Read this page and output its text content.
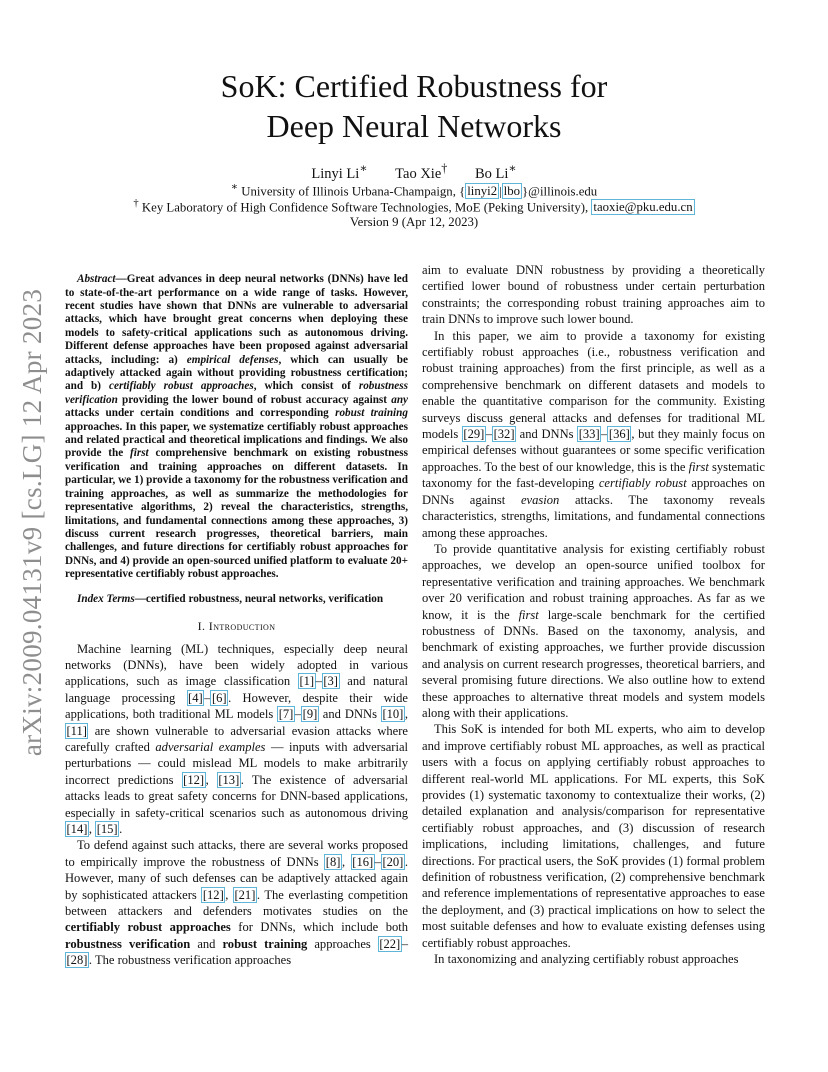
arXiv:2009.04131v9 [cs.LG] 12 Apr 2023
SoK: Certified Robustness for
Deep Neural Networks
Linyi Li∗ Tao Xie† Bo Li∗
∗ University of Illinois Urbana-Champaign, { linyi2 | lbo }@illinois.edu
† Key Laboratory of High Confidence Software Technologies, MoE (Peking University), taoxie@pku.edu.cn
Version 9 (Apr 12, 2023)

Abstract—Great advances in deep neural networks (DNNs) have led to state-of-the-art performance on a wide range of tasks. However, recent studies have shown that DNNs are vulnerable to adversarial attacks, which have brought great concerns when deploying these models to safety-critical applications such as autonomous driving. Different defense approaches have been proposed against adversarial attacks, including: a) empirical defenses, which can usually be adaptively attacked again without providing robustness certification; and b) certifiably robust approaches, which consist of robustness verification providing the lower bound of robust accuracy against any attacks under certain conditions and corresponding robust training approaches. In this paper, we systematize certifiably robust approaches and related practical and theoretical implications and findings. We also provide the first comprehensive benchmark on existing robustness verification and training approaches on different datasets. In particular, we 1) provide a taxonomy for the robustness verification and training approaches, as well as summarize the methodologies for representative algorithms, 2) reveal the characteristics, strengths, limitations, and fundamental connections among these approaches, 3) discuss current research progresses, theoretical barriers, main challenges, and future directions for certifiably robust approaches for DNNs, and 4) provide an open-sourced unified platform to evaluate 20+ representative certifiably robust approaches.

Index Terms—certified robustness, neural networks, verification

I. Introduction

Machine learning (ML) techniques, especially deep neural networks (DNNs), have been widely adopted in various applications, such as image classification [1] – [3] and natural language processing [4] – [6] . However, despite their wide applications, both traditional ML models [7] – [9] and DNNs [10] , [11] are shown vulnerable to adversarial evasion attacks where carefully crafted adversarial examples — inputs with adversarial perturbations — could mislead ML models to make arbitrarily incorrect predictions [12] , [13] . The existence of adversarial attacks leads to great safety concerns for DNN-based applications, especially in safety-critical scenarios such as autonomous driving [14] , [15] .

To defend against such attacks, there are several works proposed to empirically improve the robustness of DNNs [8] , [16] – [20] . However, many of such defenses can be adaptively attacked again by sophisticated attackers [12] , [21] . The everlasting competition between attackers and defenders motivates studies on the certifiably robust approaches for DNNs, which include both robustness verification and robust training approaches [22] –[28] . The robustness verification approaches

aim to evaluate DNN robustness by providing a theoretically certified lower bound of robustness under certain perturbation constraints; the corresponding robust training approaches aim to train DNNs to improve such lower bound.

In this paper, we aim to provide a taxonomy for existing certifiably robust approaches (i.e., robustness verification and robust training approaches) from the first principle, as well as a comprehensive benchmark on different datasets and models to enable the quantitative comparison for the community. Existing surveys discuss general attacks and defenses for traditional ML models [29] – [32] and DNNs [33] – [36] , but they mainly focus on empirical defenses without guarantees or some specific verification approaches. To the best of our knowledge, this is the first systematic taxonomy for the fast-developing certifiably robust approaches on DNNs against evasion attacks. The taxonomy reveals characteristics, strengths, limitations, and fundamental connections among these approaches.

To provide quantitative analysis for existing certifiably robust approaches, we develop an open-source unified toolbox for representative verification and training approaches. We benchmark over 20 verification and robust training approaches. As far as we know, it is the first large-scale benchmark for the certified robustness of DNNs. Based on the taxonomy, analysis, and benchmark of existing approaches, we further provide discussion and analysis on current research progresses, theoretical barriers, and several promising future directions. We also outline how to extend these approaches to alternative threat models and system models along with their applications.

This SoK is intended for both ML experts, who aim to develop and improve certifiably robust ML approaches, as well as practical users with a focus on applying certifiably robust approaches to different real-world ML applications. For ML experts, this SoK provides (1) systematic taxonomy to contextualize their works, (2) detailed explanation and analysis/comparison for representative certifiably robust approaches, and (3) discussion of research implications, including limitations, challenges, and future directions. For practical users, the SoK provides (1) formal problem definition of robustness verification, (2) comprehensive benchmark and reference implementations of representative approaches to ease the deployment, and (3) practical implications on how to select the most suitable defenses and how to evaluate existing defenses using certifiably robust approaches.

In taxonomizing and analyzing certifiably robust approaches
